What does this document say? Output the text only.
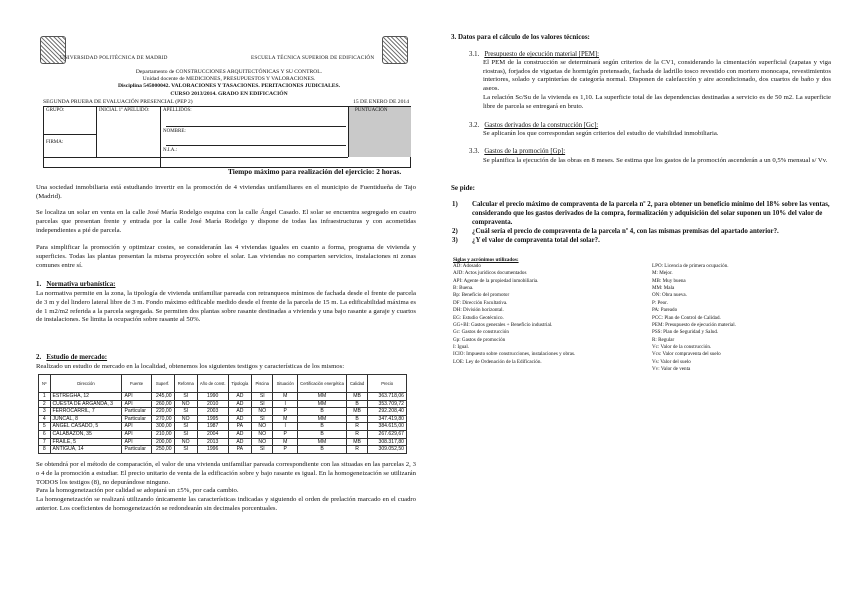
UNIVERSIDAD POLITÉCNICA DE MADRID	ESCUELA TÉCNICA SUPERIOR DE EDIFICACIÓN
Departamento de CONSTRUCCIONES ARQUITECTÓNICAS Y SU CONTROL.
Unidad docente de MEDICIONES, PRESUPUESTOS Y VALORACIONES.
Disciplina 545000042. VALORACIONES Y TASACIONES. PERITACIONES JUDICIALES.
CURSO 2013/2014. GRADO EN EDIFICACIÓN
SEGUNDA PRUEBA DE EVALUACIÓN PRESENCIAL (PEP 2)	15 DE ENERO DE 2014
GRUPO:	INICIAL 1º APELLIDO:	APELLIDOS:
NOMBRE:
FIRMA:
N.I.A.:
PUNTUACIÓN
Tiempo máximo para realización del ejercicio: 2 horas.
Una sociedad inmobiliaria está estudiando invertir en la promoción de 4 viviendas unifamiliares en el municipio de Fuentidueña de Tajo (Madrid).
Se localiza un solar en venta en la calle José María Rodelgo esquina con la calle Ángel Casado. El solar se encuentra segregado en cuatro parcelas que presentan frente y entrada por la calle José María Rodelgo y dispone de todas las infraestructuras y con acometidas independientes a pié de parcela.
Para simplificar la promoción y optimizar costes, se considerarán las 4 viviendas iguales en cuanto a forma, programa de vivienda y superficies. Todas las plantas presentan la misma proyección sobre el solar. Las viviendas no comparten servicios, instalaciones ni zonas comunes entre sí.
1. Normativa urbanística:
La normativa permite en la zona, la tipología de vivienda unifamiliar pareada con retranqueos mínimos de fachada desde el frente de parcela de 3 m y del lindero lateral libre de 3 m. Fondo máximo edificable medido desde el frente de la parcela de 15 m. La edificabilidad máxima es de 1 m2/m2 referida a la parcela segregada. Se permiten dos plantas sobre rasante destinadas a vivienda y una bajo rasante a garaje y cuartos de instalaciones. Se limita la ocupación sobre rasante al 50%.
2. Estudio de mercado:
Realizado un estudio de mercado en la localidad, obtenemos los siguientes testigos y características de los mismos:
Nº	Dirección	Fuente	Superf.	Reforma	Año de const.	Tipología	Piscina	Situación	Certificación energética	Calidad	Precio
1	ESTREGHA, 12	API	245,00	SI	1990	AD	SI	M	MM	MB	363.718,06
2	CUESTA DE ARGANDA, 3	API	260,00	NO	2010	AD	SI	I	MM	B	353.709,72
3	FERROCARRIL, 7	Particular	220,00	SI	2003	AD	NO	P	B	MB	292.208,40
4	JUNCAL, 8	Particular	270,00	NO	1995	AD	SI	M	MM	B	347.419,80
5	ANGEL CASADO, 5	API	300,00	SI	1987	PA	NO	I	B	R	384.615,00
6	CALABAZON, 35	API	210,00	SI	2004	AD	NO	P	B	R	267.629,67
7	FRAILE, 5	API	200,00	NO	2013	AD	NO	M	MM	MB	308.317,80
8	ANTIGUA, 14	Particular	250,00	SI	1996	PA	SI	P	B	R	309.052,50
Se obtendrá por el método de comparación, el valor de una vivienda unifamiliar pareada correspondiente con las situadas en las parcelas 2, 3 o 4 de la promoción a estudiar. El precio unitario de venta de la edificación sobre y bajo rasante es igual. En la homogeneización se utilizarán TODOS los testigos (8), no depurándose ninguno.
Para la homogeneización por calidad se adoptará un ±5%, por cada cambio.
La homogeneización se realizará utilizando únicamente las características indicadas y siguiendo el orden de prelación marcado en el cuadro anterior. Los coeficientes de homogeneización se redondearán sin decimales porcentuales.
3. Datos para el cálculo de los valores técnicos:
3.1. Presupuesto de ejecución material [PEM]:
El PEM de la construcción se determinará según criterios de la CV1, considerando la cimentación superficial (zapatas y viga riostras), forjados de viguetas de hormigón pretensado, fachada de ladrillo tosco revestido con mortero monocapa, revestimientos interiores, solado y carpinterías de categoría normal. Disponen de calefacción y aire acondicionado, dos cuartos de baño y dos aseos.
La relación Sc/Su de la vivienda es 1,10. La superficie total de las dependencias destinadas a servicio es de 50 m2. La superficie libre de parcela se entregará en bruto.
3.2. Gastos derivados de la construcción [Gc]:
Se aplicarán los que correspondan según criterios del estudio de viabilidad inmobiliaria.
3.3. Gastos de la promoción [Gp]:
Se planifica la ejecución de las obras en 8 meses. Se estima que los gastos de la promoción ascenderán a un 0,5% mensual s/ Vv.
Se pide:
1) Calcular el precio máximo de compraventa de la parcela nº 2, para obtener un beneficio mínimo del 18% sobre las ventas, considerando que los gastos derivados de la compra, formalización y adquisición del solar suponen un 10% del valor de compraventa.
2) ¿Cuál sería el precio de compraventa de la parcela nº 4, con las mismas premisas del apartado anterior?.
3) ¿Y el valor de compraventa total del solar?.
Siglas y acrónimos utilizados:
AD: Adosado
AJD: Actos jurídicos documentados
API: Agente de la propiedad inmobiliaria.
B: Buena.
Bp: Beneficio del promotor
DF: Dirección Facultativa.
DH: División horizontal.
EG: Estudio Geotécnico.
GG+BI: Gastos generales + Beneficio industrial.
Gc: Gastos de construcción
Gp: Gastos de promoción
I: Igual.
ICIO: Impuesto sobre construcciones, instalaciones y obras.
LOE: Ley de Ordenación de la Edificación.
LPO: Licencia de primera ocupación.
M: Mejor.
MB: Muy buena
MM: Mala
ON: Obra nueva.
P: Peor.
PA: Pareado
PCC: Plan de Control de Calidad.
PEM: Presupuesto de ejecución material.
PSS: Plan de Seguridad y Salud.
R: Regular
Vc: Valor de la construcción.
Vcs: Valor compraventa del suelo
Vs: Valor del suelo
Vv: Valor de venta
